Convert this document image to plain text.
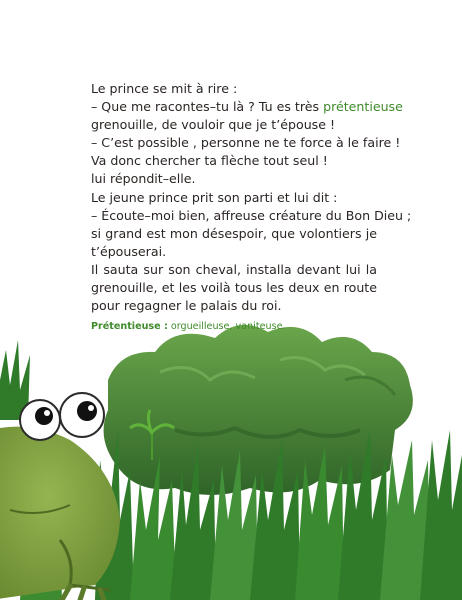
Le prince se mit à rire :
– Que me racontes–tu là ? Tu es très prétentieuse
grenouille, de vouloir que je t’épouse !
– C’est possible , personne ne te force à le faire !
Va donc chercher ta flèche tout seul !
lui répondit–elle.
Le jeune prince prit son parti et lui dit :
– Écoute–moi bien, affreuse créature du Bon Dieu ;
si grand est mon désespoir, que volontiers je
t’épouserai.
Il sauta sur son cheval, installa devant lui la
grenouille, et les voilà tous les deux en route
pour regagner le palais du roi.
Prétentieuse : orgueilleuse, vaniteuse.
